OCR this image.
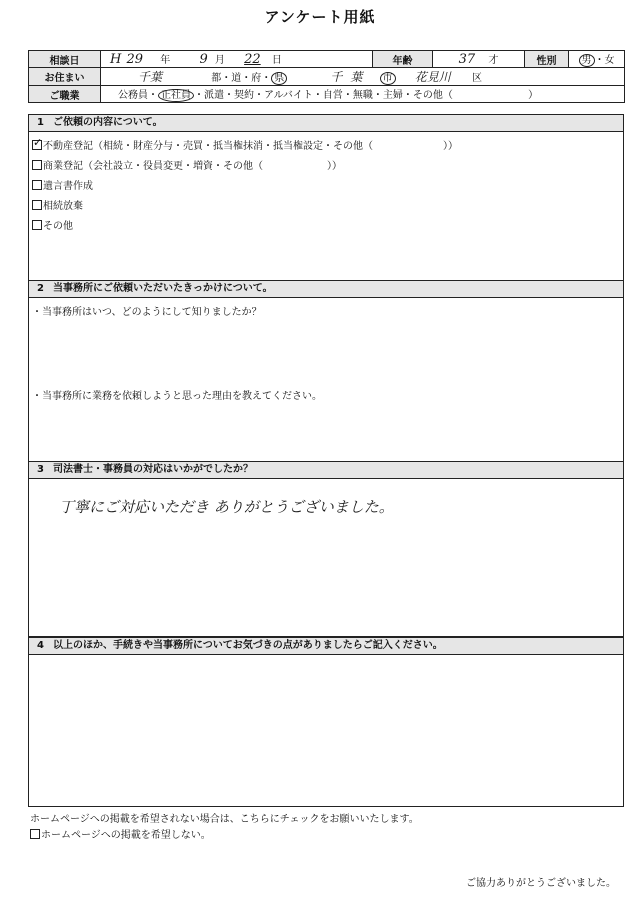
アンケート用紙
相談日	H 29 年 9 月 22 日	年齢	37 才	性別	男 ・女
お住まい	千葉 都・道・府・ 県 千葉 市 花見川 区				
ご職業	公務員・ 正社員 ・派遣・契約・アルバイト・自営・無職・主婦・その他（ ）				
1 ご依頼の内容について。
✓ 不動産登記（相続・財産分与・売買・抵当権抹消・抵当権設定・その他（	））
商業登記（会社設立・役員変更・増資・その他（	））
遺言書作成
相続放棄
その他
2 当事務所にご依頼いただいたきっかけについて。
・当事務所はいつ、どのようにして知りましたか？
・当事務所に業務を依頼しようと思った理由を教えてください。
3 司法書士・事務員の対応はいかがでしたか？
丁寧にご対応いただき ありがとうございました。
4 以上のほか、手続きや当事務所についてお気づきの点がありましたらご記入ください。
ホームページへの掲載を希望されない場合は、こちらにチェックをお願いいたします。
ホームページへの掲載を希望しない。
ご協力ありがとうございました。
